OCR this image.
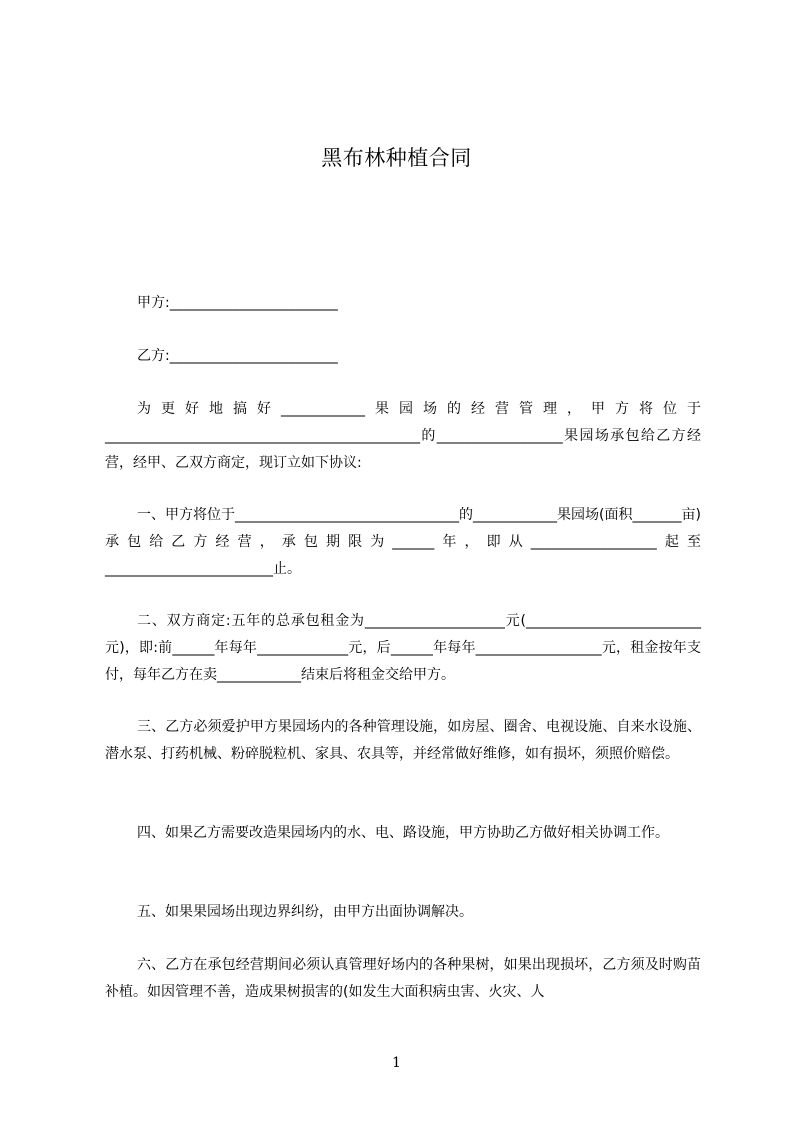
黑布林种植合同
甲方:________________________
乙方:________________________
为更好地搞好____________果园场的经营管理，甲方将位于_____________________________________________的__________________果园场承包给乙方经营，经甲、乙双方商定，现订立如下协议:
一、甲方将位于________________________________的____________果园场(面积_______亩)承包给乙方经营，承包期限为______年，即从__________________起至________________________止。
二、双方商定:五年的总承包租金为____________________元(_________________________元)，即:前______年每年_____________元，后______年每年__________________元，租金按年支付，每年乙方在卖____________结束后将租金交给甲方。
三、乙方必须爱护甲方果园场内的各种管理设施，如房屋、圈舍、电视设施、自来水设施、潜水泵、打药机械、粉碎脱粒机、家具、农具等，并经常做好维修，如有损坏，须照价赔偿。
四、如果乙方需要改造果园场内的水、电、路设施，甲方协助乙方做好相关协调工作。
五、如果果园场出现边界纠纷，由甲方出面协调解决。
六、乙方在承包经营期间必须认真管理好场内的各种果树，如果出现损坏，乙方须及时购苗补植。如因管理不善，造成果树损害的(如发生大面积病虫害、火灾、人
1
